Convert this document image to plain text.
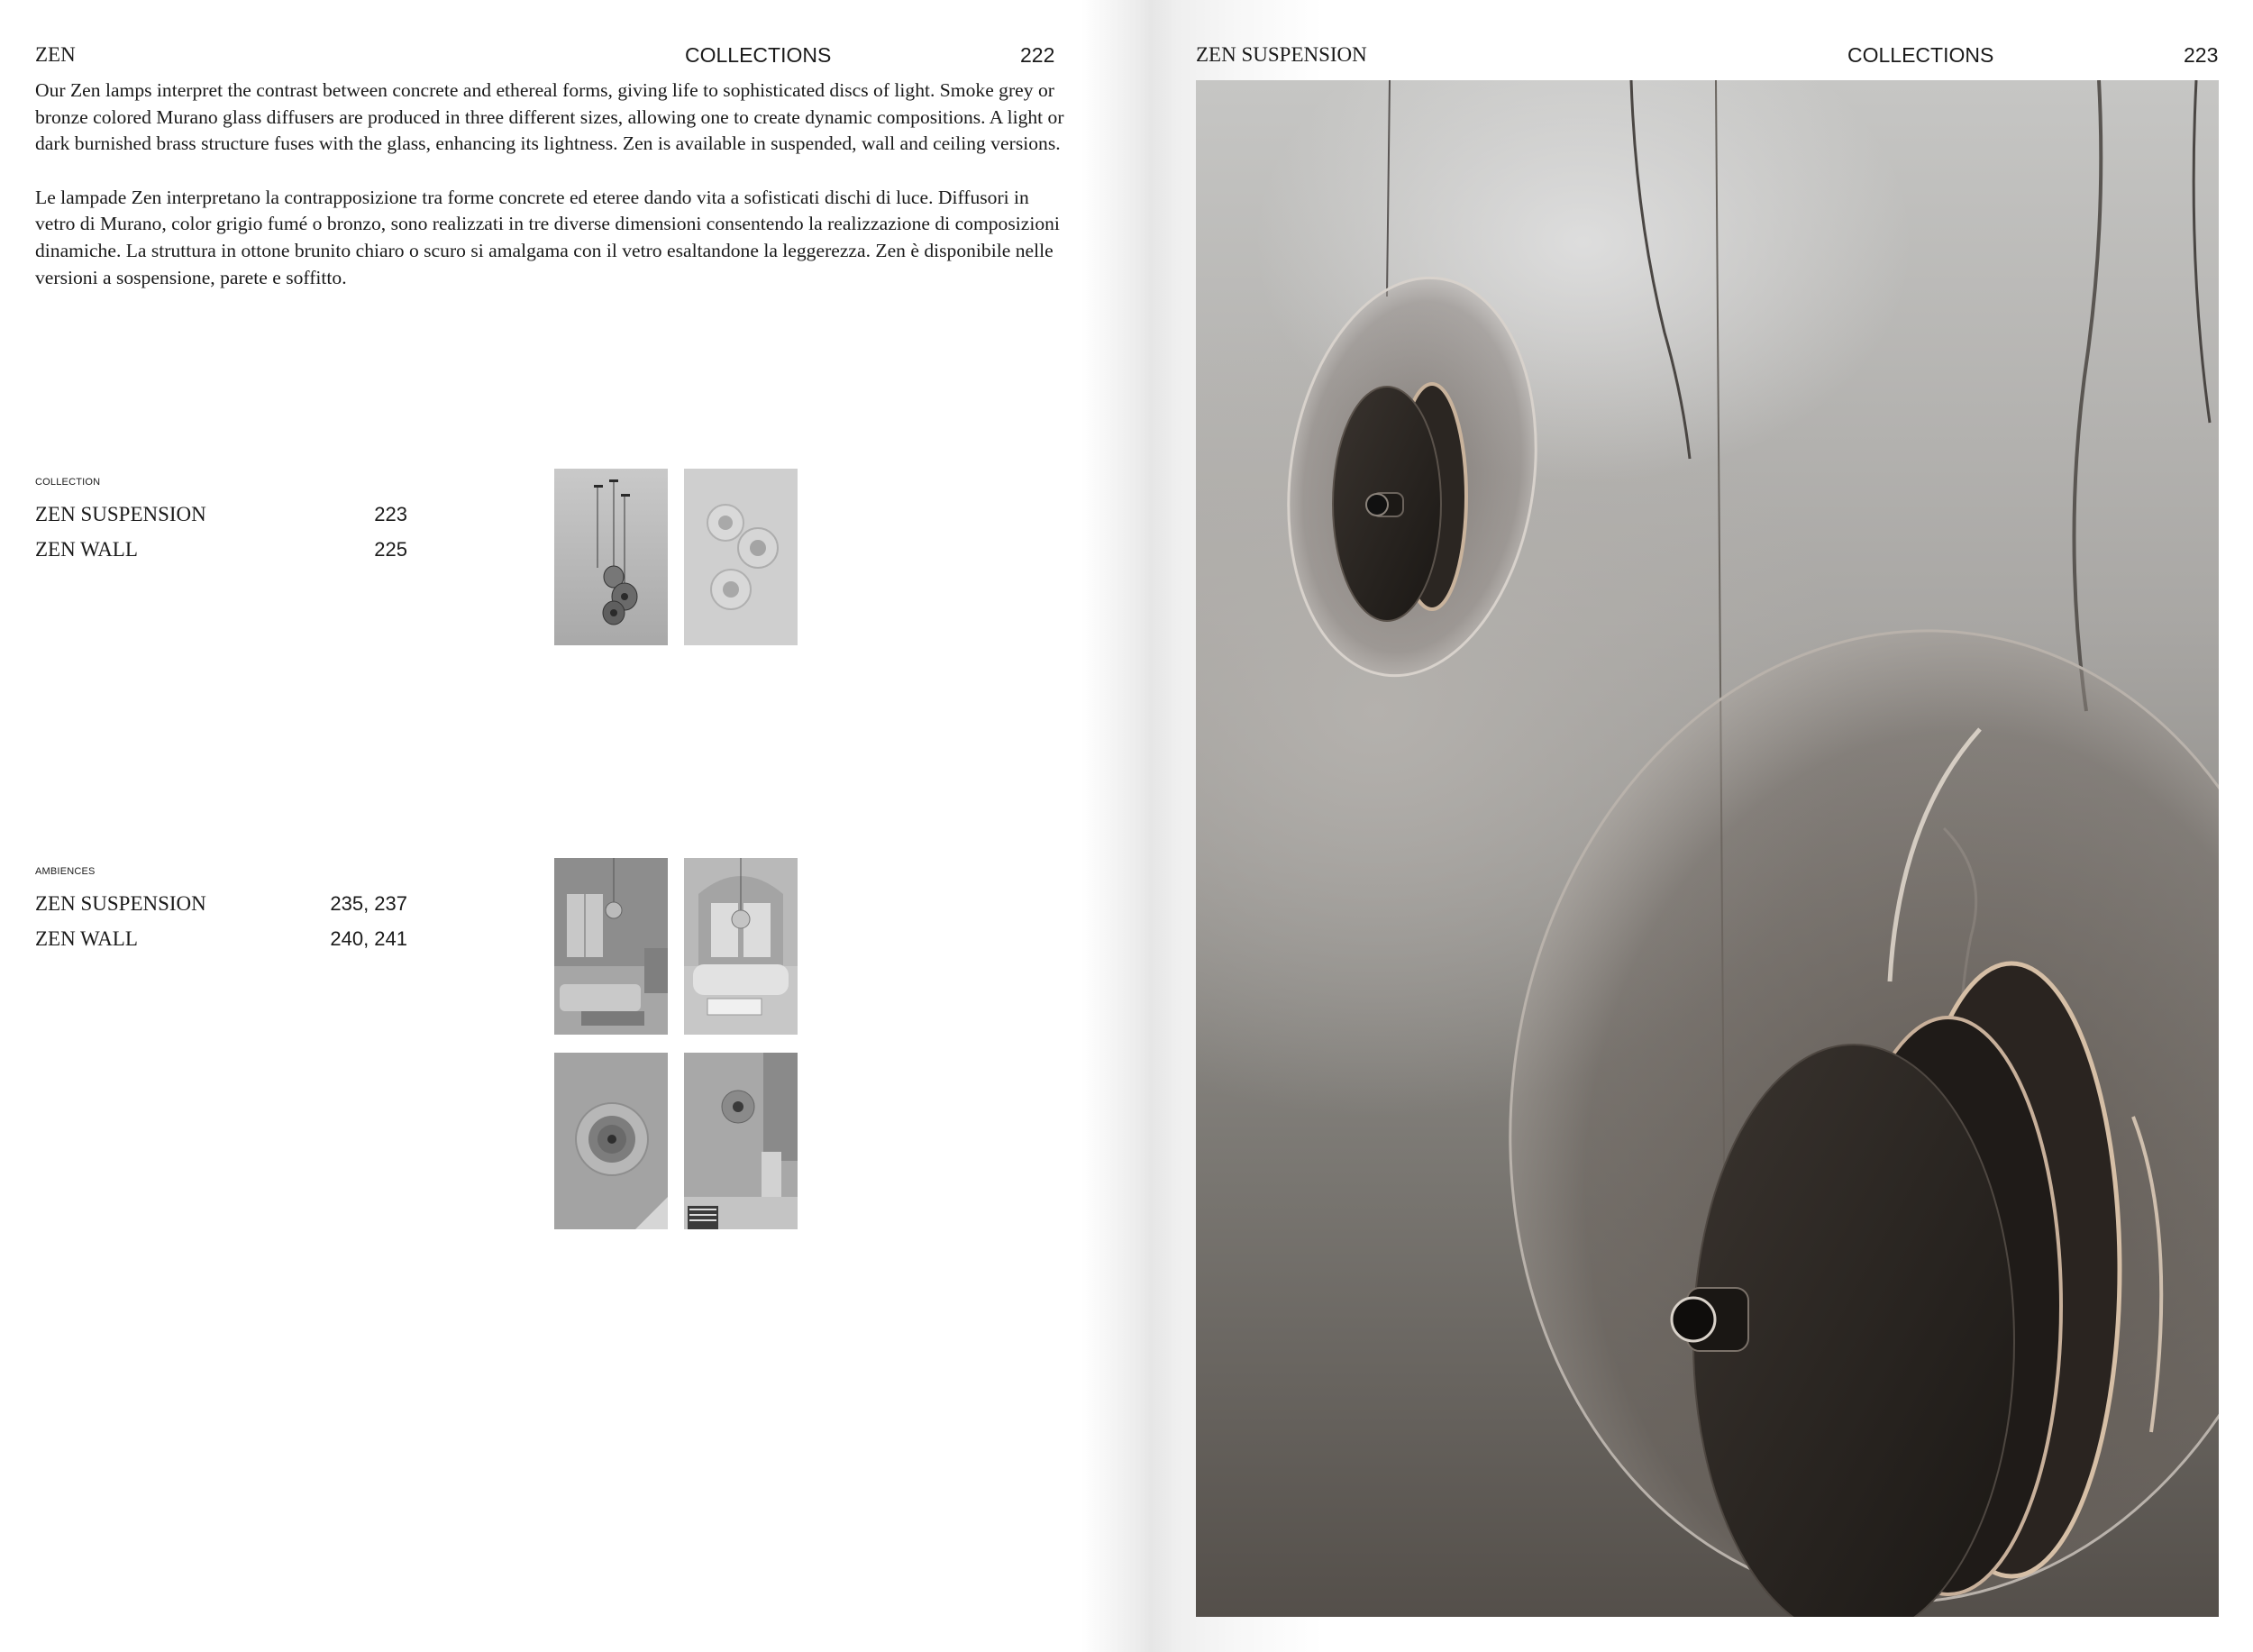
ZEN	COLLECTIONS	222

Our Zen lamps interpret the contrast between concrete and ethereal forms, giving life to sophisticated discs of light. Smoke grey or bronze colored Murano glass diffusers are produced in three different sizes, allowing one to create dynamic compositions. A light or dark burnished brass structure fuses with the glass, enhancing its lightness. Zen is available in suspended, wall and ceiling versions.

Le lampade Zen interpretano la contrapposizione tra forme concrete ed eteree dando vita a sofisticati dischi di luce. Diffusori in vetro di Murano, color grigio fumé o bronzo, sono realizzati in tre diverse dimensioni consentendo la realizzazione di composizioni dinamiche. La struttura in ottone brunito chiaro o scuro si amalgama con il vetro esaltandone la leggerezza. Zen è disponibile nelle versioni a sospensione, parete e soffitto.

COLLECTION
ZEN SUSPENSION	223
ZEN WALL	225
AMBIENCES
ZEN SUSPENSION	235, 237
ZEN WALL	240, 241
ZEN SUSPENSION	COLLECTIONS	223
